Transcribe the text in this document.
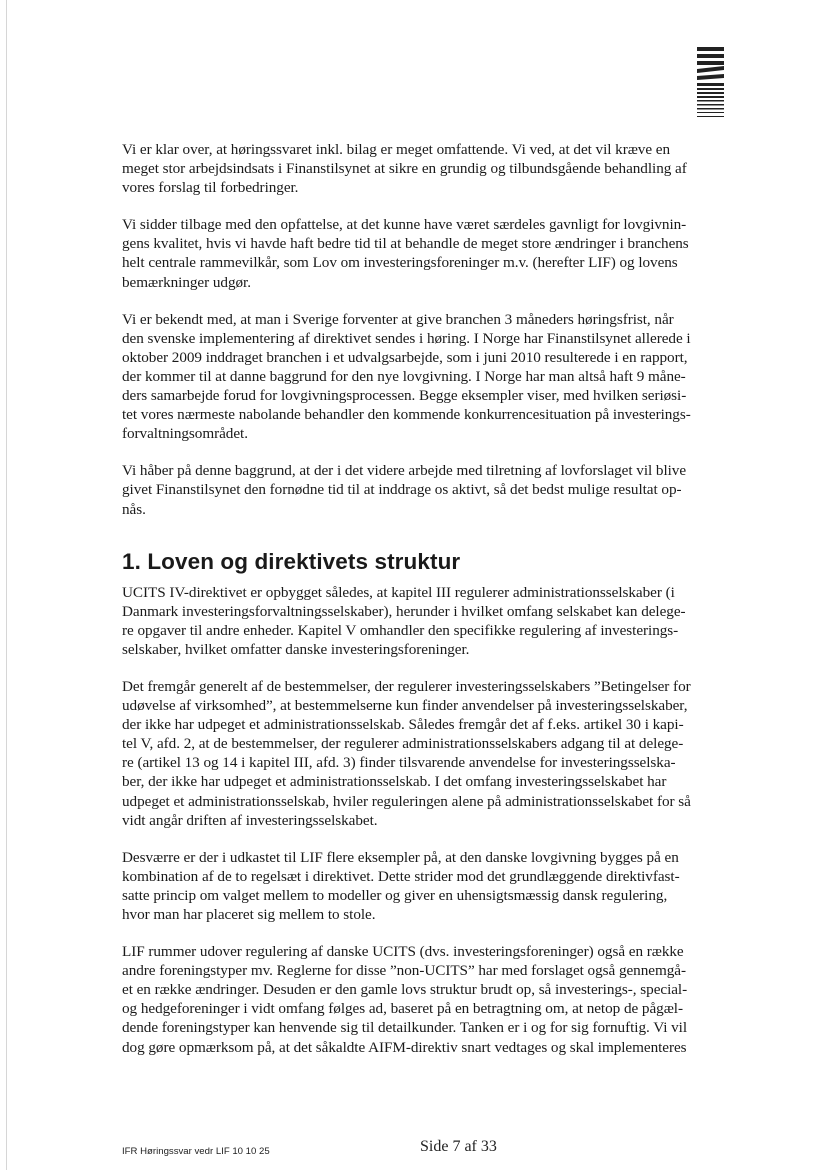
Vi er klar over, at høringssvaret inkl. bilag er meget omfattende. Vi ved, at det vil kræve en
meget stor arbejdsindsats i Finanstilsynet at sikre en grundig og tilbundsgående behandling af
vores forslag til forbedringer.
Vi sidder tilbage med den opfattelse, at det kunne have været særdeles gavnligt for lovgivnin-
gens kvalitet, hvis vi havde haft bedre tid til at behandle de meget store ændringer i branchens
helt centrale rammevilkår, som Lov om investeringsforeninger m.v. (herefter LIF) og lovens
bemærkninger udgør.
Vi er bekendt med, at man i Sverige forventer at give branchen 3 måneders høringsfrist, når
den svenske implementering af direktivet sendes i høring. I Norge har Finanstilsynet allerede i
oktober 2009 inddraget branchen i et udvalgsarbejde, som i juni 2010 resulterede i en rapport,
der kommer til at danne baggrund for den nye lovgivning. I Norge har man altså haft 9 måne-
ders samarbejde forud for lovgivningsprocessen. Begge eksempler viser, med hvilken seriøsi-
tet vores nærmeste nabolande behandler den kommende konkurrencesituation på investerings-
forvaltningsområdet.
Vi håber på denne baggrund, at der i det videre arbejde med tilretning af lovforslaget vil blive
givet Finanstilsynet den fornødne tid til at inddrage os aktivt, så det bedst mulige resultat op-
nås.
1. Loven og direktivets struktur
UCITS IV-direktivet er opbygget således, at kapitel III regulerer administrationsselskaber (i
Danmark investeringsforvaltningsselskaber), herunder i hvilket omfang selskabet kan delege-
re opgaver til andre enheder. Kapitel V omhandler den specifikke regulering af investerings-
selskaber, hvilket omfatter danske investeringsforeninger.
Det fremgår generelt af de bestemmelser, der regulerer investeringsselskabers ”Betingelser for
udøvelse af virksomhed”, at bestemmelserne kun finder anvendelser på investeringsselskaber,
der ikke har udpeget et administrationsselskab. Således fremgår det af f.eks. artikel 30 i kapi-
tel V, afd. 2, at de bestemmelser, der regulerer administrationsselskabers adgang til at delege-
re (artikel 13 og 14 i kapitel III, afd. 3) finder tilsvarende anvendelse for investeringsselska-
ber, der ikke har udpeget et administrationsselskab. I det omfang investeringsselskabet har
udpeget et administrationsselskab, hviler reguleringen alene på administrationsselskabet for så
vidt angår driften af investeringsselskabet.
Desværre er der i udkastet til LIF flere eksempler på, at den danske lovgivning bygges på en
kombination af de to regelsæt i direktivet. Dette strider mod det grundlæggende direktivfast-
satte princip om valget mellem to modeller og giver en uhensigtsmæssig dansk regulering,
hvor man har placeret sig mellem to stole.
LIF rummer udover regulering af danske UCITS (dvs. investeringsforeninger) også en række
andre foreningstyper mv. Reglerne for disse ”non-UCITS” har med forslaget også gennemgå-
et en række ændringer. Desuden er den gamle lovs struktur brudt op, så investerings-, special-
og hedgeforeninger i vidt omfang følges ad, baseret på en betragtning om, at netop de pågæl-
dende foreningstyper kan henvende sig til detailkunder. Tanken er i og for sig fornuftig. Vi vil
dog gøre opmærksom på, at det såkaldte AIFM-direktiv snart vedtages og skal implementeres
IFR Høringssvar vedr LIF 10 10 25	Side 7 af 33
